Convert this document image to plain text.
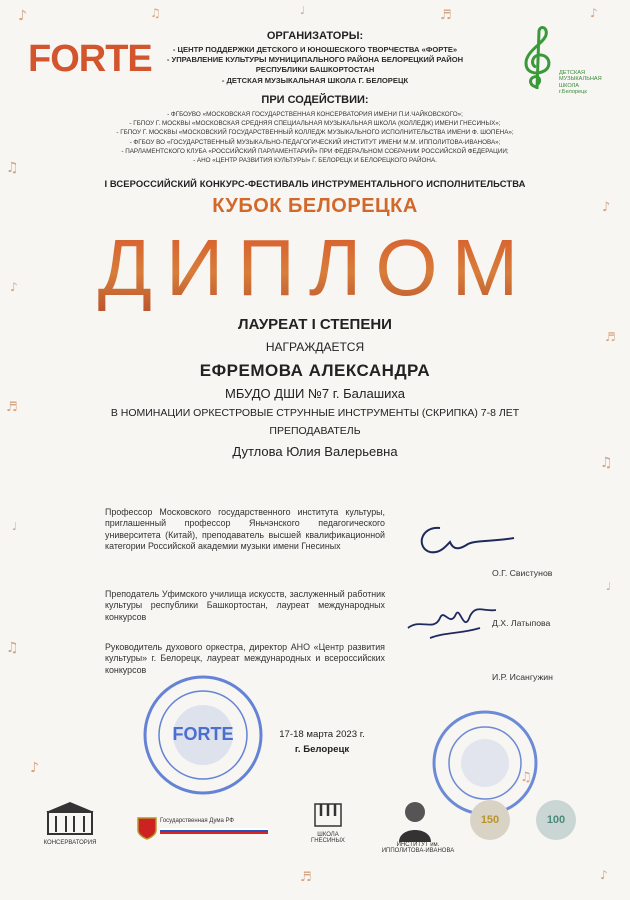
♪	♫	♩	♬	♪
♫
♬
♩
♫
♪
♬
♫
♩
♪
♫
♬	♪
FORTE	ДЕТСКАЯ МУЗЫКАЛЬНАЯ ШКОЛА г.Белорецк
ОРГАНИЗАТОРЫ:
- ЦЕНТР ПОДДЕРЖКИ ДЕТСКОГО И ЮНОШЕСКОГО ТВОРЧЕСТВА «ФОРТЕ»
- УПРАВЛЕНИЕ КУЛЬТУРЫ МУНИЦИПАЛЬНОГО РАЙОНА БЕЛОРЕЦКИЙ РАЙОН
РЕСПУБЛИКИ БАШКОРТОСТАН
- ДЕТСКАЯ МУЗЫКАЛЬНАЯ ШКОЛА Г. БЕЛОРЕЦК
ПРИ СОДЕЙСТВИИ:
- ФГБОУВО «МОСКОВСКАЯ ГОСУДАРСТВЕННАЯ КОНСЕРВАТОРИЯ ИМЕНИ П.И.ЧАЙКОВСКОГО»;
- ГБПОУ Г. МОСКВЫ «МОСКОВСКАЯ СРЕДНЯЯ СПЕЦИАЛЬНАЯ МУЗЫКАЛЬНАЯ ШКОЛА (КОЛЛЕДЖ) ИМЕНИ ГНЕСИНЫХ»;
- ГБПОУ Г. МОСКВЫ «МОСКОВСКИЙ ГОСУДАРСТВЕННЫЙ КОЛЛЕДЖ МУЗЫКАЛЬНОГО ИСПОЛНИТЕЛЬСТВА ИМЕНИ Ф. ШОПЕНА»;
- ФГБОУ ВО «ГОСУДАРСТВЕННЫЙ МУЗЫКАЛЬНО-ПЕДАГОГИЧЕСКИЙ ИНСТИТУТ ИМЕНИ М.М. ИППОЛИТОВА-ИВАНОВА»;
- ПАРЛАМЕНТСКОГО КЛУБА «РОССИЙСКИЙ ПАРЛАМЕНТАРИЙ» ПРИ ФЕДЕРАЛЬНОМ СОБРАНИИ РОССИЙСКОЙ ФЕДЕРАЦИИ;
- АНО «ЦЕНТР РАЗВИТИЯ КУЛЬТУРЫ» Г. БЕЛОРЕЦК И БЕЛОРЕЦКОГО РАЙОНА.
I ВСЕРОССИЙСКИЙ КОНКУРС-ФЕСТИВАЛЬ ИНСТРУМЕНТАЛЬНОГО ИСПОЛНИТЕЛЬСТВА
КУБОК БЕЛОРЕЦКА
ДИПЛОМ
ЛАУРЕАТ I СТЕПЕНИ
НАГРАЖДАЕТСЯ
ЕФРЕМОВА АЛЕКСАНДРА
МБУДО ДШИ №7 г. Балашиха
В НОМИНАЦИИ ОРКЕСТРОВЫЕ СТРУННЫЕ ИНСТРУМЕНТЫ (СКРИПКА) 7-8 ЛЕТ
ПРЕПОДАВАТЕЛЬ
Дутлова Юлия Валерьевна
Профессор Московского государственного института культуры, приглашенный профессор Яньчэнского педагогического университета (Китай), преподаватель высшей квалификационной категории Российской академии музыки имени Гнесиных
О.Г. Свистунов
Преподатель Уфимского училища искусств, заслуженный работник культуры республики Башкортостан, лауреат международных конкурсов
Д.Х. Латыпова
Руководитель духового оркестра, директор АНО «Центр развития культуры» г. Белорецк, лауреат международных и всероссийских конкурсов
И.Р. Исангужин
FORTE	17-18 марта 2023 г.
г. Белорецк
КОНСЕРВАТОРИЯ
Государственная Дума РФ
ШКОЛА ГНЕСИНЫХ
ИНСТИТУТ им. ИППОЛИТОВА-ИВАНОВА
150	100
